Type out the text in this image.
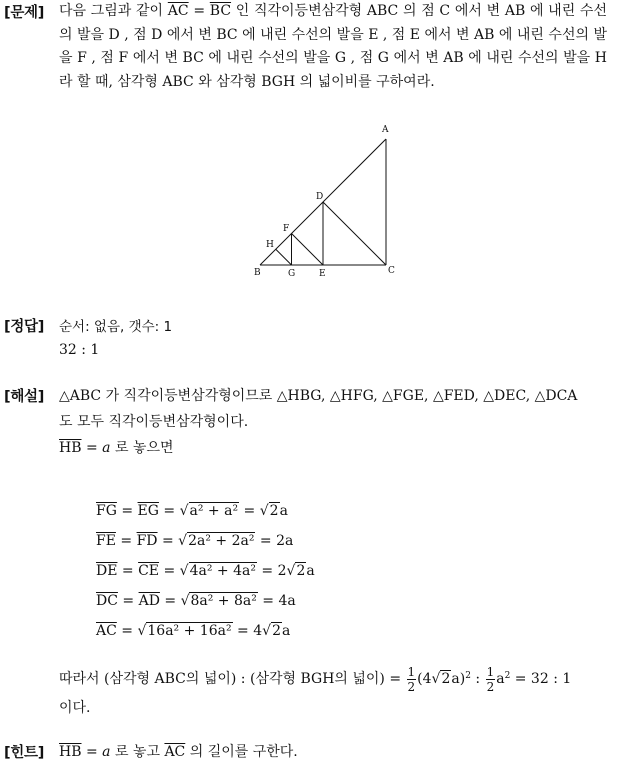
[문제] 다음 그림과 같이 $\overline{AC} = \overline{BC}$ 인 직각이등변삼각형 ABC 의 점 C 에서 변 AB 에 내린 수선의 발을 D , 점 D 에서 변 BC 에 내린 수선의 발을 E , 점 E 에서 변 AB 에 내린 수선의 발을 F , 점 F 에서 변 BC 에 내린 수선의 발을 G , 점 G 에서 변 AB 에 내린 수선의 발을 H 라 할 때, 삼각형 ABC 와 삼각형 BGH 의 넓이비를 구하여라.
A
B	C
D
E
F
G
H
[정답] 순서: 없음, 갯수: 1
32 : 1
[해설] △ABC 가 직각이등변삼각형이므로 △HBG, △HFG, △FGE, △FED, △DEC, △DCA
도 모두 직각이등변삼각형이다.
$\overline{HB} = a$ 로 놓으면
$\overline{FG} = \overline{EG} = √a^2 + a^2 = √2a$
$\overline{FE} = \overline{FD} = √2a^2 + 2a^2 = 2a$
$\overline{DE} = \overline{CE} = √4a^2 + 4a^2 = 2√2a$
$\overline{DC} = \overline{AD} = √8a^2 + 8a^2 = 4a$
$\overline{AC} = √16a^2 + 16a^2 = 4√2a$
따라서 (삼각형 ABC의 넓이) : (삼각형 BGH의 넓이) = $\frac{1}{2} (4√2a)^2$ : $\frac{1}{2} a^2 = 32$ : 1
이다.
[힌트] $\overline{HB} = a$ 로 놓고 $\overline{AC}$ 의 길이를 구한다.
